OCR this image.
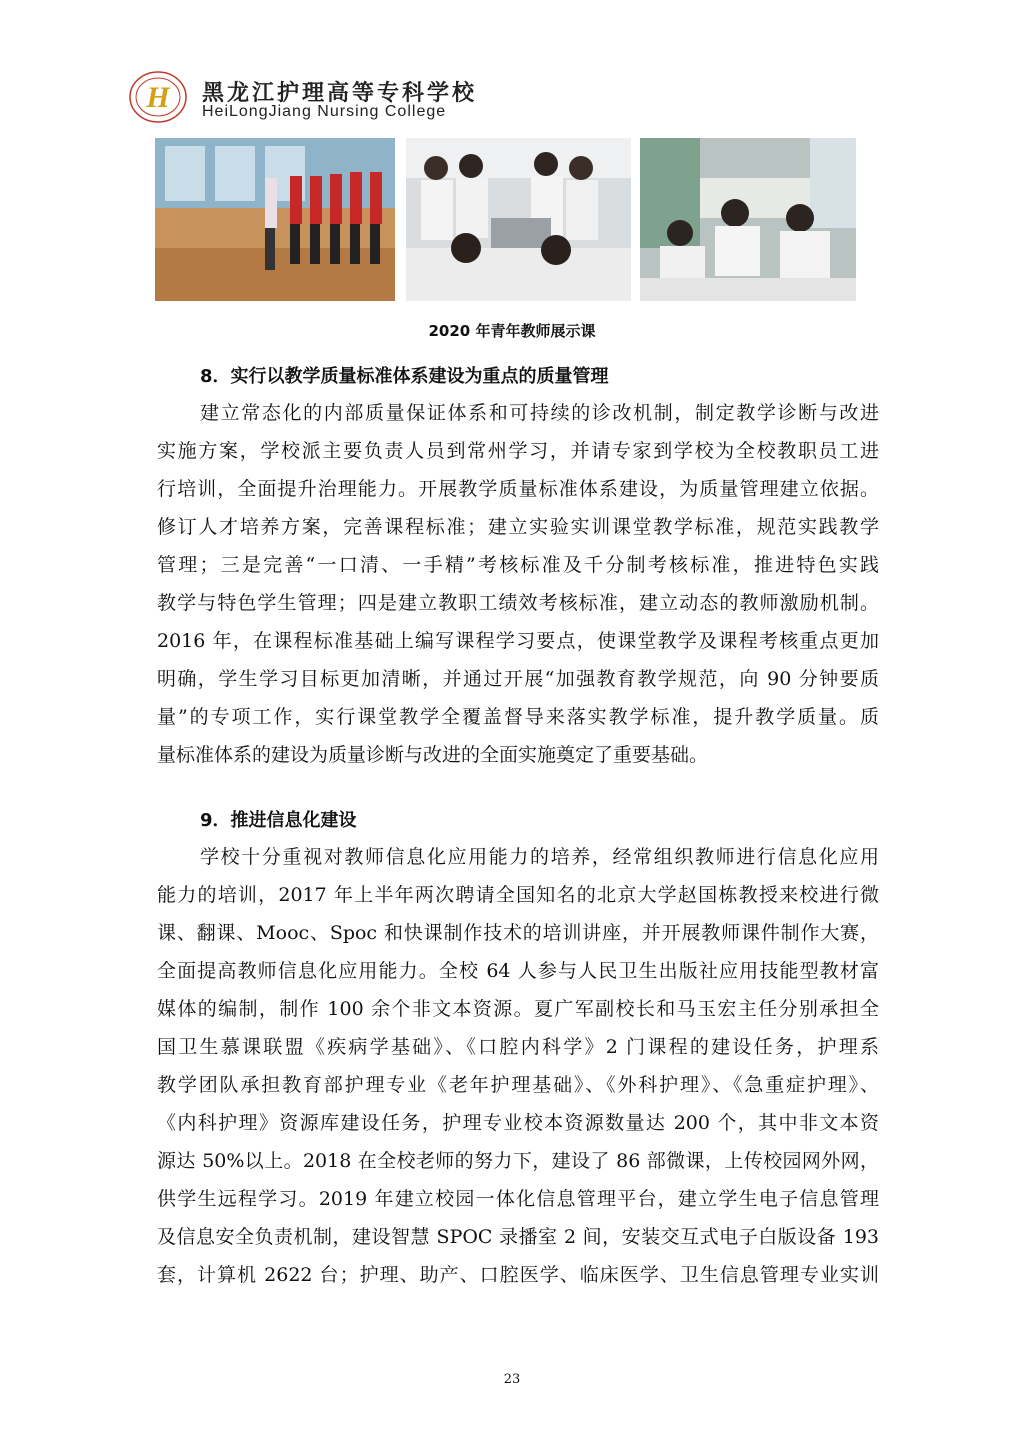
H 黑龙江护理高等专科学校
HeiLongJiang Nursing College
2020 年青年教师展示课
8．实行以教学质量标准体系建设为重点的质量管理
建立常态化的内部质量保证体系和可持续的诊改机制，制定教学诊断与改进
实施方案，学校派主要负责人员到常州学习，并请专家到学校为全校教职员工进
行培训，全面提升治理能力。开展教学质量标准体系建设，为质量管理建立依据。
修订人才培养方案，完善课程标准；建立实验实训课堂教学标准，规范实践教学
管理；三是完善“一口清、一手精”考核标准及千分制考核标准，推进特色实践
教学与特色学生管理；四是建立教职工绩效考核标准，建立动态的教师激励机制。
2016 年，在课程标准基础上编写课程学习要点，使课堂教学及课程考核重点更加
明确，学生学习目标更加清晰，并通过开展“加强教育教学规范，向 90 分钟要质
量”的专项工作，实行课堂教学全覆盖督导来落实教学标准，提升教学质量。质
量标准体系的建设为质量诊断与改进的全面实施奠定了重要基础。
9．推进信息化建设
学校十分重视对教师信息化应用能力的培养，经常组织教师进行信息化应用
能力的培训，2017 年上半年两次聘请全国知名的北京大学赵国栋教授来校进行微
课、翻课、Mooc、Spoc 和快课制作技术的培训讲座，并开展教师课件制作大赛，
全面提高教师信息化应用能力。全校 64 人参与人民卫生出版社应用技能型教材富
媒体的编制，制作 100 余个非文本资源。夏广军副校长和马玉宏主任分别承担全
国卫生慕课联盟《疾病学基础》、《口腔内科学》2 门课程的建设任务，护理系
教学团队承担教育部护理专业《老年护理基础》、《外科护理》、《急重症护理》、
《内科护理》资源库建设任务，护理专业校本资源数量达 200 个，其中非文本资
源达 50%以上。2018 在全校老师的努力下，建设了 86 部微课，上传校园网外网，
供学生远程学习。2019 年建立校园一体化信息管理平台，建立学生电子信息管理
及信息安全负责机制，建设智慧 SPOC 录播室 2 间，安装交互式电子白版设备 193
套，计算机 2622 台；护理、助产、口腔医学、临床医学、卫生信息管理专业实训
23
